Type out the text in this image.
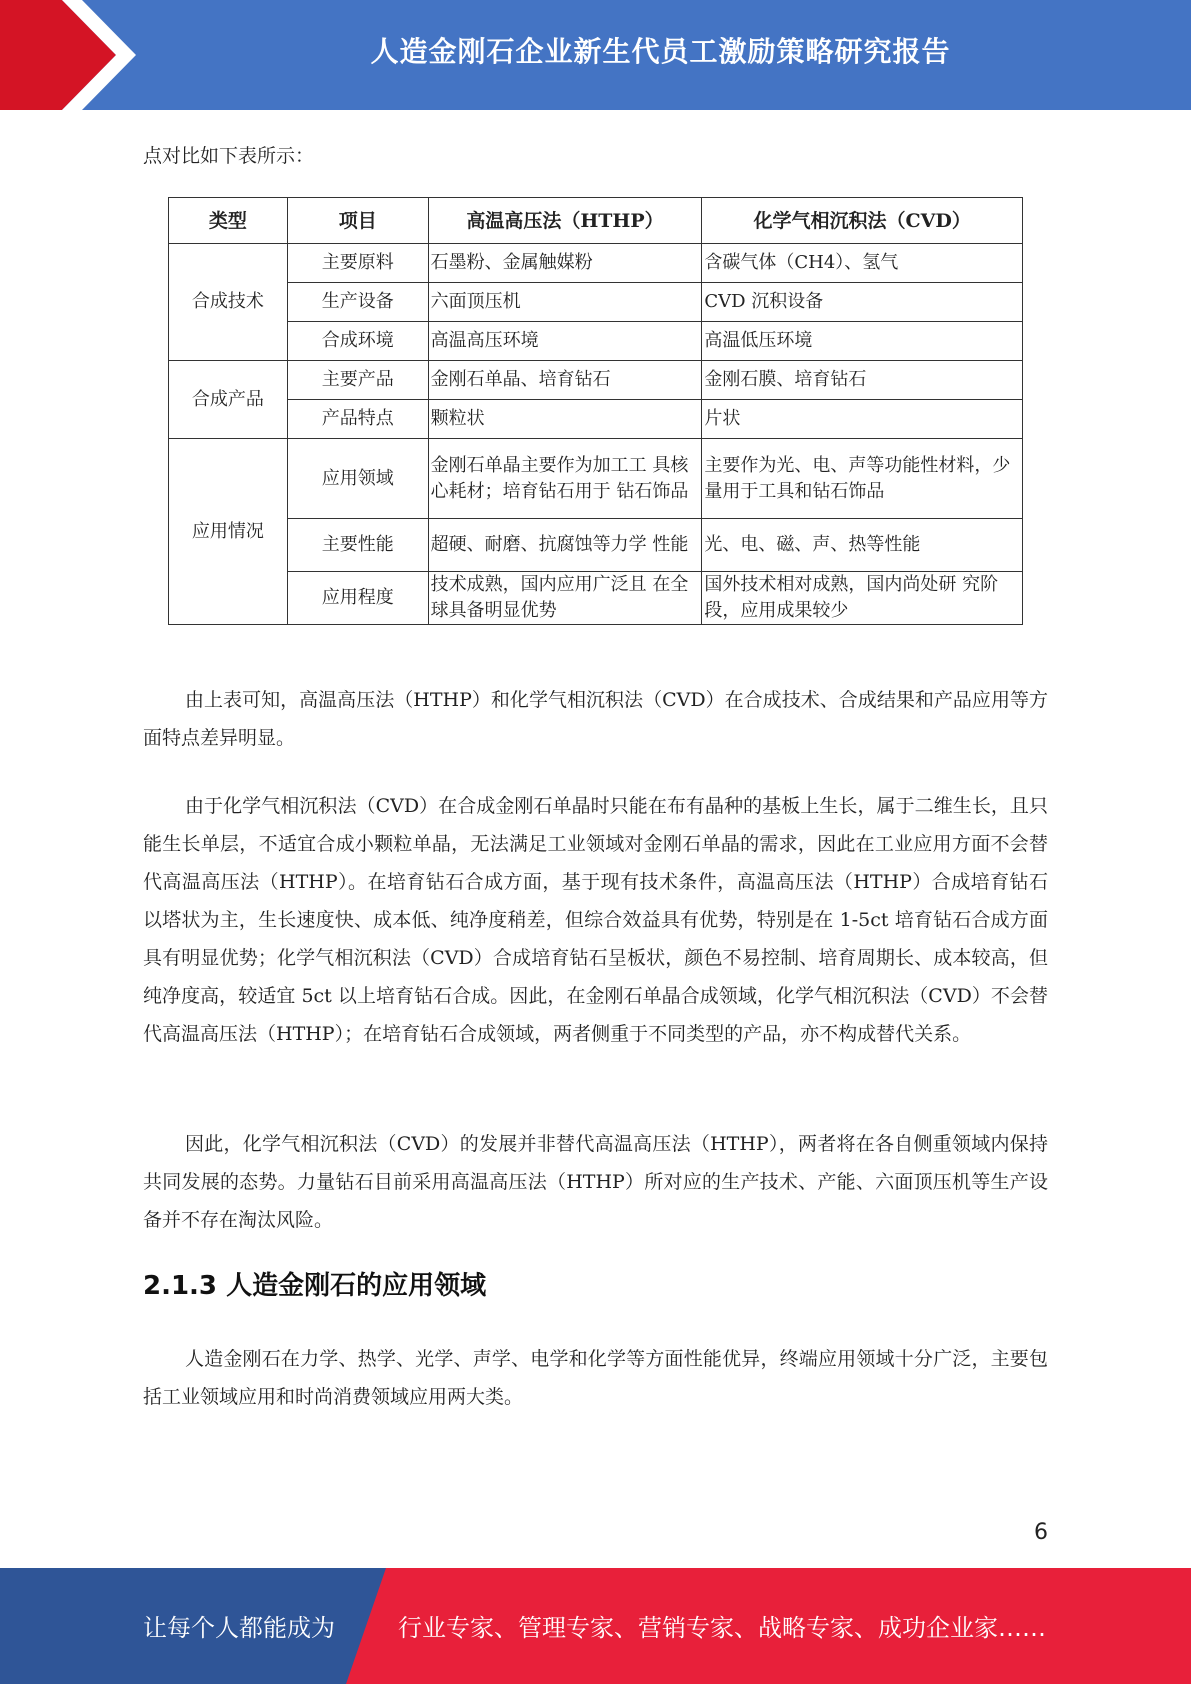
人造金刚石企业新生代员工激励策略研究报告

点对比如下表所示：

类型	项目	高温高压法（HTHP）	化学气相沉积法（CVD）
合成技术	主要原料	石墨粉、金属触媒粉	含碳气体（CH4）、氢气
	生产设备	六面顶压机	CVD 沉积设备
	合成环境	高温高压环境	高温低压环境
合成产品	主要产品	金刚石单晶、培育钻石	金刚石膜、培育钻石
	产品特点	颗粒状	片状
应用情况	应用领域	金刚石单晶主要作为加工工 具核心耗材；培育钻石用于 钻石饰品	主要作为光、电、声等功能性材料，少量用于工具和钻石饰品
	主要性能	超硬、耐磨、抗腐蚀等力学 性能	光、电、磁、声、热等性能
	应用程度	技术成熟，国内应用广泛且 在全球具备明显优势	国外技术相对成熟，国内尚处研 究阶段，应用成果较少

由上表可知，高温高压法（HTHP）和化学气相沉积法（CVD）在合成技术、合成结果和产品应用等方面特点差异明显。

由于化学气相沉积法（CVD）在合成金刚石单晶时只能在布有晶种的基板上生长，属于二维生长，且只能生长单层，不适宜合成小颗粒单晶，无法满足工业领域对金刚石单晶的需求，因此在工业应用方面不会替代高温高压法（HTHP）。在培育钻石合成方面，基于现有技术条件，高温高压法（HTHP）合成培育钻石以塔状为主，生长速度快、成本低、纯净度稍差，但综合效益具有优势，特别是在 1-5ct 培育钻石合成方面具有明显优势；化学气相沉积法（CVD）合成培育钻石呈板状，颜色不易控制、培育周期长、成本较高，但纯净度高，较适宜 5ct 以上培育钻石合成。因此，在金刚石单晶合成领域，化学气相沉积法（CVD）不会替代高温高压法（HTHP）；在培育钻石合成领域，两者侧重于不同类型的产品，亦不构成替代关系。

因此，化学气相沉积法（CVD）的发展并非替代高温高压法（HTHP），两者将在各自侧重领域内保持共同发展的态势。力量钻石目前采用高温高压法（HTHP）所对应的生产技术、产能、六面顶压机等生产设备并不存在淘汰风险。

2.1.3 人造金刚石的应用领域

人造金刚石在力学、热学、光学、声学、电学和化学等方面性能优异，终端应用领域十分广泛，主要包括工业领域应用和时尚消费领域应用两大类。

6
让每个人都能成为	行业专家、管理专家、营销专家、战略专家、成功企业家……
